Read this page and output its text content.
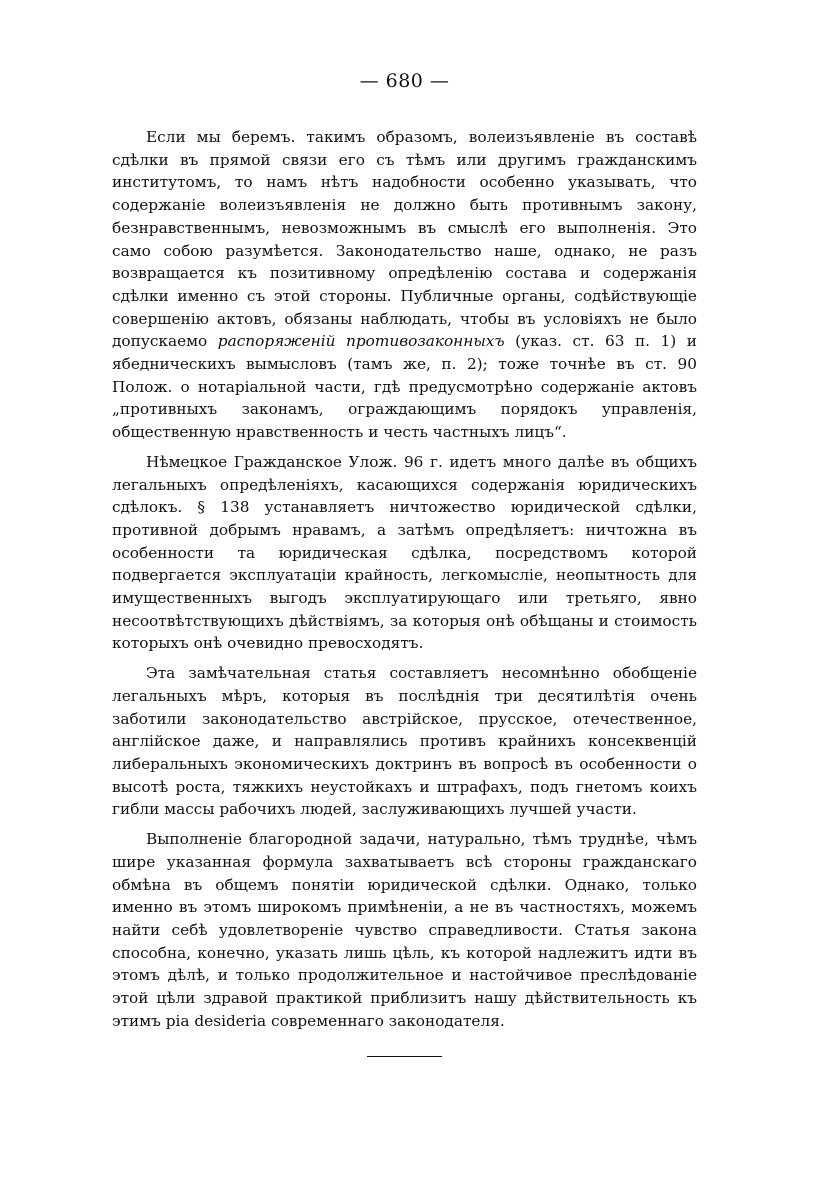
— 680 —

Если мы беремъ. такимъ образомъ, волеизъявленіе въ составѣ сдѣлки въ прямой связи его съ тѣмъ или другимъ гражданскимъ институтомъ, то намъ нѣтъ надобности особенно указывать, что содержаніе волеизъявленія не должно быть противнымъ закону, безнравственнымъ, невозможнымъ въ смыслѣ его выполненія. Это само собою разумѣется. Законодательство наше, однако, не разъ возвращается къ позитивному опредѣленію состава и содержанія сдѣлки именно съ этой стороны. Публичные органы, содѣйствующіе совершенію актовъ, обязаны наблюдать, чтобы въ условіяхъ не было допускаемо распоряженій противозаконныхъ (указ. ст. 63 п. 1) и ябедническихъ вымысловъ (тамъ же, п. 2); тоже точнѣе въ ст. 90 Полож. о нотаріальной части, гдѣ предусмотрѣно содержаніе актовъ „противныхъ законамъ, ограждающимъ порядокъ управленія, общественную нравственность и честь частныхъ лицъ“.

Нѣмецкое Гражданское Улож. 96 г. идетъ много далѣе въ общихъ легальныхъ опредѣленіяхъ, касающихся содержанія юридическихъ сдѣлокъ. § 138 устанавляетъ ничтожество юридической сдѣлки, противной добрымъ нравамъ, а затѣмъ опредѣляетъ: ничтожна въ особенности та юридическая сдѣлка, посредствомъ которой подвергается эксплуатаціи крайность, легкомысліе, неопытность для имущественныхъ выгодъ эксплуатирующаго или третьяго, явно несоотвѣтствующихъ дѣйствіямъ, за которыя онѣ обѣщаны и стоимость которыхъ онѣ очевидно превосходятъ.

Эта замѣчательная статья составляетъ несомнѣнно обобщеніе легальныхъ мѣръ, которыя въ послѣднія три десятилѣтія очень заботили законодательство австрійское, прусское, отечественное, англійское даже, и направлялись противъ крайнихъ консеквенцій либеральныхъ экономическихъ доктринъ въ вопросѣ въ особенности о высотѣ роста, тяжкихъ неустойкахъ и штрафахъ, подъ гнетомъ коихъ гибли массы рабочихъ людей, заслуживающихъ лучшей участи.

Выполненіе благородной задачи, натурально, тѣмъ труднѣе, чѣмъ шире указанная формула захватываетъ всѣ стороны гражданскаго обмѣна въ общемъ понятіи юридической сдѣлки. Однако, только именно въ этомъ широкомъ примѣненіи, а не въ частностяхъ, можемъ найти себѣ удовлетвореніе чувство справедливости. Статья закона способна, конечно, указать лишь цѣль, къ которой надлежитъ идти въ этомъ дѣлѣ, и только продолжительное и настойчивое преслѣдованіе этой цѣли здравой практикой приблизитъ нашу дѣйствительность къ этимъ pia desideria современнаго законодателя.
